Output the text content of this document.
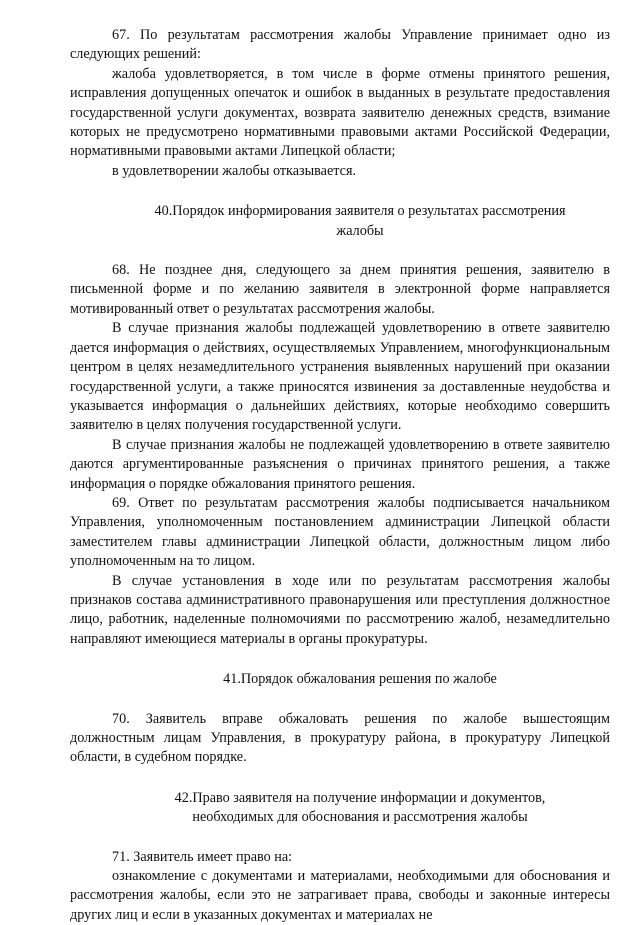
67. По результатам рассмотрения жалобы Управление принимает одно из следующих решений:

жалоба удовлетворяется, в том числе в форме отмены принятого решения, исправления допущенных опечаток и ошибок в выданных в результате предоставления государственной услуги документах, возврата заявителю денежных средств, взимание которых не предусмотрено нормативными правовыми актами Российской Федерации, нормативными правовыми актами Липецкой области;

в удовлетворении жалобы отказывается.

40.Порядок информирования заявителя о результатах рассмотрения
жалобы

68. Не позднее дня, следующего за днем принятия решения, заявителю в письменной форме и по желанию заявителя в электронной форме направляется мотивированный ответ о результатах рассмотрения жалобы.

В случае признания жалобы подлежащей удовлетворению в ответе заявителю дается информация о действиях, осуществляемых Управлением, многофункциональным центром в целях незамедлительного устранения выявленных нарушений при оказании государственной услуги, а также приносятся извинения за доставленные неудобства и указывается информация о дальнейших действиях, которые необходимо совершить заявителю в целях получения государственной услуги.

В случае признания жалобы не подлежащей удовлетворению в ответе заявителю даются аргументированные разъяснения о причинах принятого решения, а также информация о порядке обжалования принятого решения.

69. Ответ по результатам рассмотрения жалобы подписывается начальником Управления, уполномоченным постановлением администрации Липецкой области заместителем главы администрации Липецкой области, должностным лицом либо уполномоченным на то лицом.

В случае установления в ходе или по результатам рассмотрения жалобы признаков состава административного правонарушения или преступления должностное лицо, работник, наделенные полномочиями по рассмотрению жалоб, незамедлительно направляют имеющиеся материалы в органы прокуратуры.

41.Порядок обжалования решения по жалобе

70. Заявитель вправе обжаловать решения по жалобе вышестоящим должностным лицам Управления, в прокуратуру района, в прокуратуру Липецкой области, в судебном порядке.

42.Право заявителя на получение информации и документов,
необходимых для обоснования и рассмотрения жалобы

71. Заявитель имеет право на:

ознакомление с документами и материалами, необходимыми для обоснования и рассмотрения жалобы, если это не затрагивает права, свободы и законные интересы других лиц и если в указанных документах и материалах не
